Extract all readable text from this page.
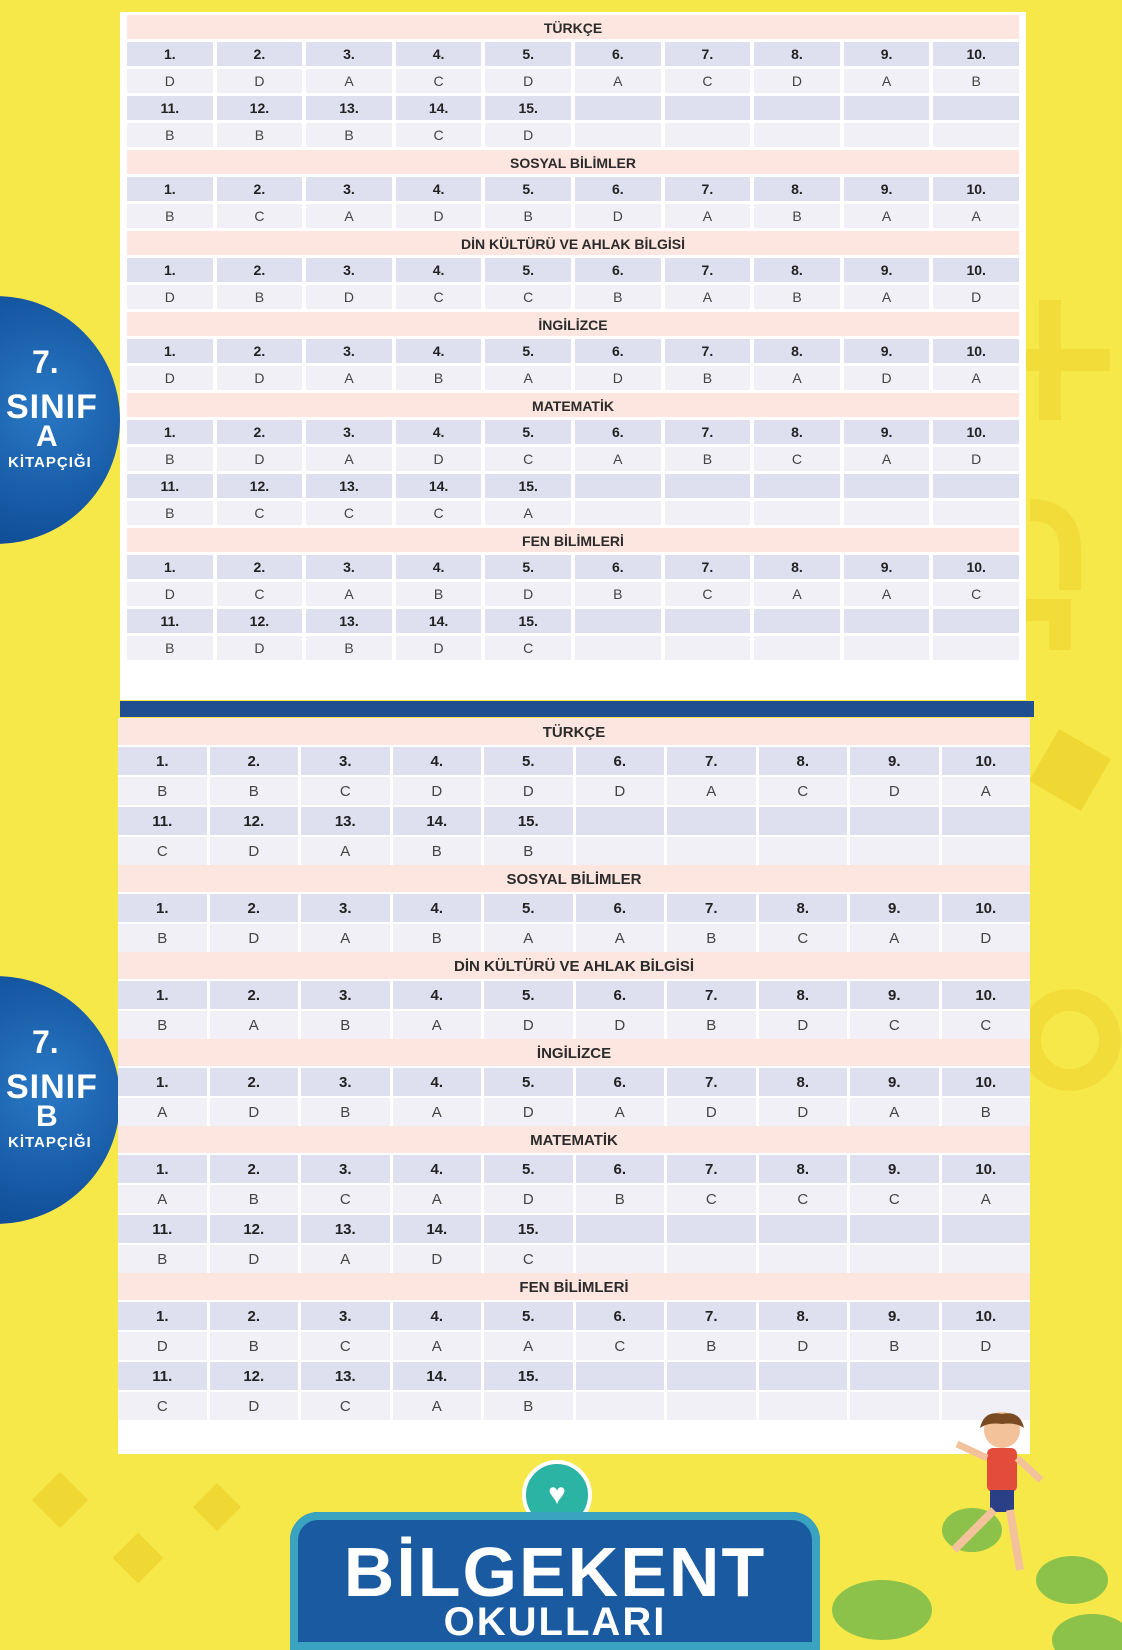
7.
SINIF
A
KİTAPÇIĞI
7.
SINIF
B
KİTAPÇIĞI
TÜRKÇE
1.	2.	3.	4.	5.	6.	7.	8.	9.	10.
D	D	A	C	D	A	C	D	A	B
11.	12.	13.	14.	15.
B	B	B	C	D
SOSYAL BİLİMLER
1.	2.	3.	4.	5.	6.	7.	8.	9.	10.
B	C	A	D	B	D	A	B	A	A
DİN KÜLTÜRÜ VE AHLAK BİLGİSİ
1.	2.	3.	4.	5.	6.	7.	8.	9.	10.
D	B	D	C	C	B	A	B	A	D
İNGİLİZCE
1.	2.	3.	4.	5.	6.	7.	8.	9.	10.
D	D	A	B	A	D	B	A	D	A
MATEMATİK
1.	2.	3.	4.	5.	6.	7.	8.	9.	10.
B	D	A	D	C	A	B	C	A	D
11.	12.	13.	14.	15.
B	C	C	C	A
FEN BİLİMLERİ
1.	2.	3.	4.	5.	6.	7.	8.	9.	10.
D	C	A	B	D	B	C	A	A	C
11.	12.	13.	14.	15.
B	D	B	D	C
TÜRKÇE
1.	2.	3.	4.	5.	6.	7.	8.	9.	10.
B	B	C	D	D	D	A	C	D	A
11.	12.	13.	14.	15.
C	D	A	B	B
SOSYAL BİLİMLER
1.	2.	3.	4.	5.	6.	7.	8.	9.	10.
B	D	A	B	A	A	B	C	A	D
DİN KÜLTÜRÜ VE AHLAK BİLGİSİ
1.	2.	3.	4.	5.	6.	7.	8.	9.	10.
B	A	B	A	D	D	B	D	C	C
İNGİLİZCE
1.	2.	3.	4.	5.	6.	7.	8.	9.	10.
A	D	B	A	D	A	D	D	A	B
MATEMATİK
1.	2.	3.	4.	5.	6.	7.	8.	9.	10.
A	B	C	A	D	B	C	C	C	A
11.	12.	13.	14.	15.
B	D	A	D	C
FEN BİLİMLERİ
1.	2.	3.	4.	5.	6.	7.	8.	9.	10.
D	B	C	A	A	C	B	D	B	D
11.	12.	13.	14.	15.
C	D	C	A	B
♥
BİLGEKENT
OKULLARI
